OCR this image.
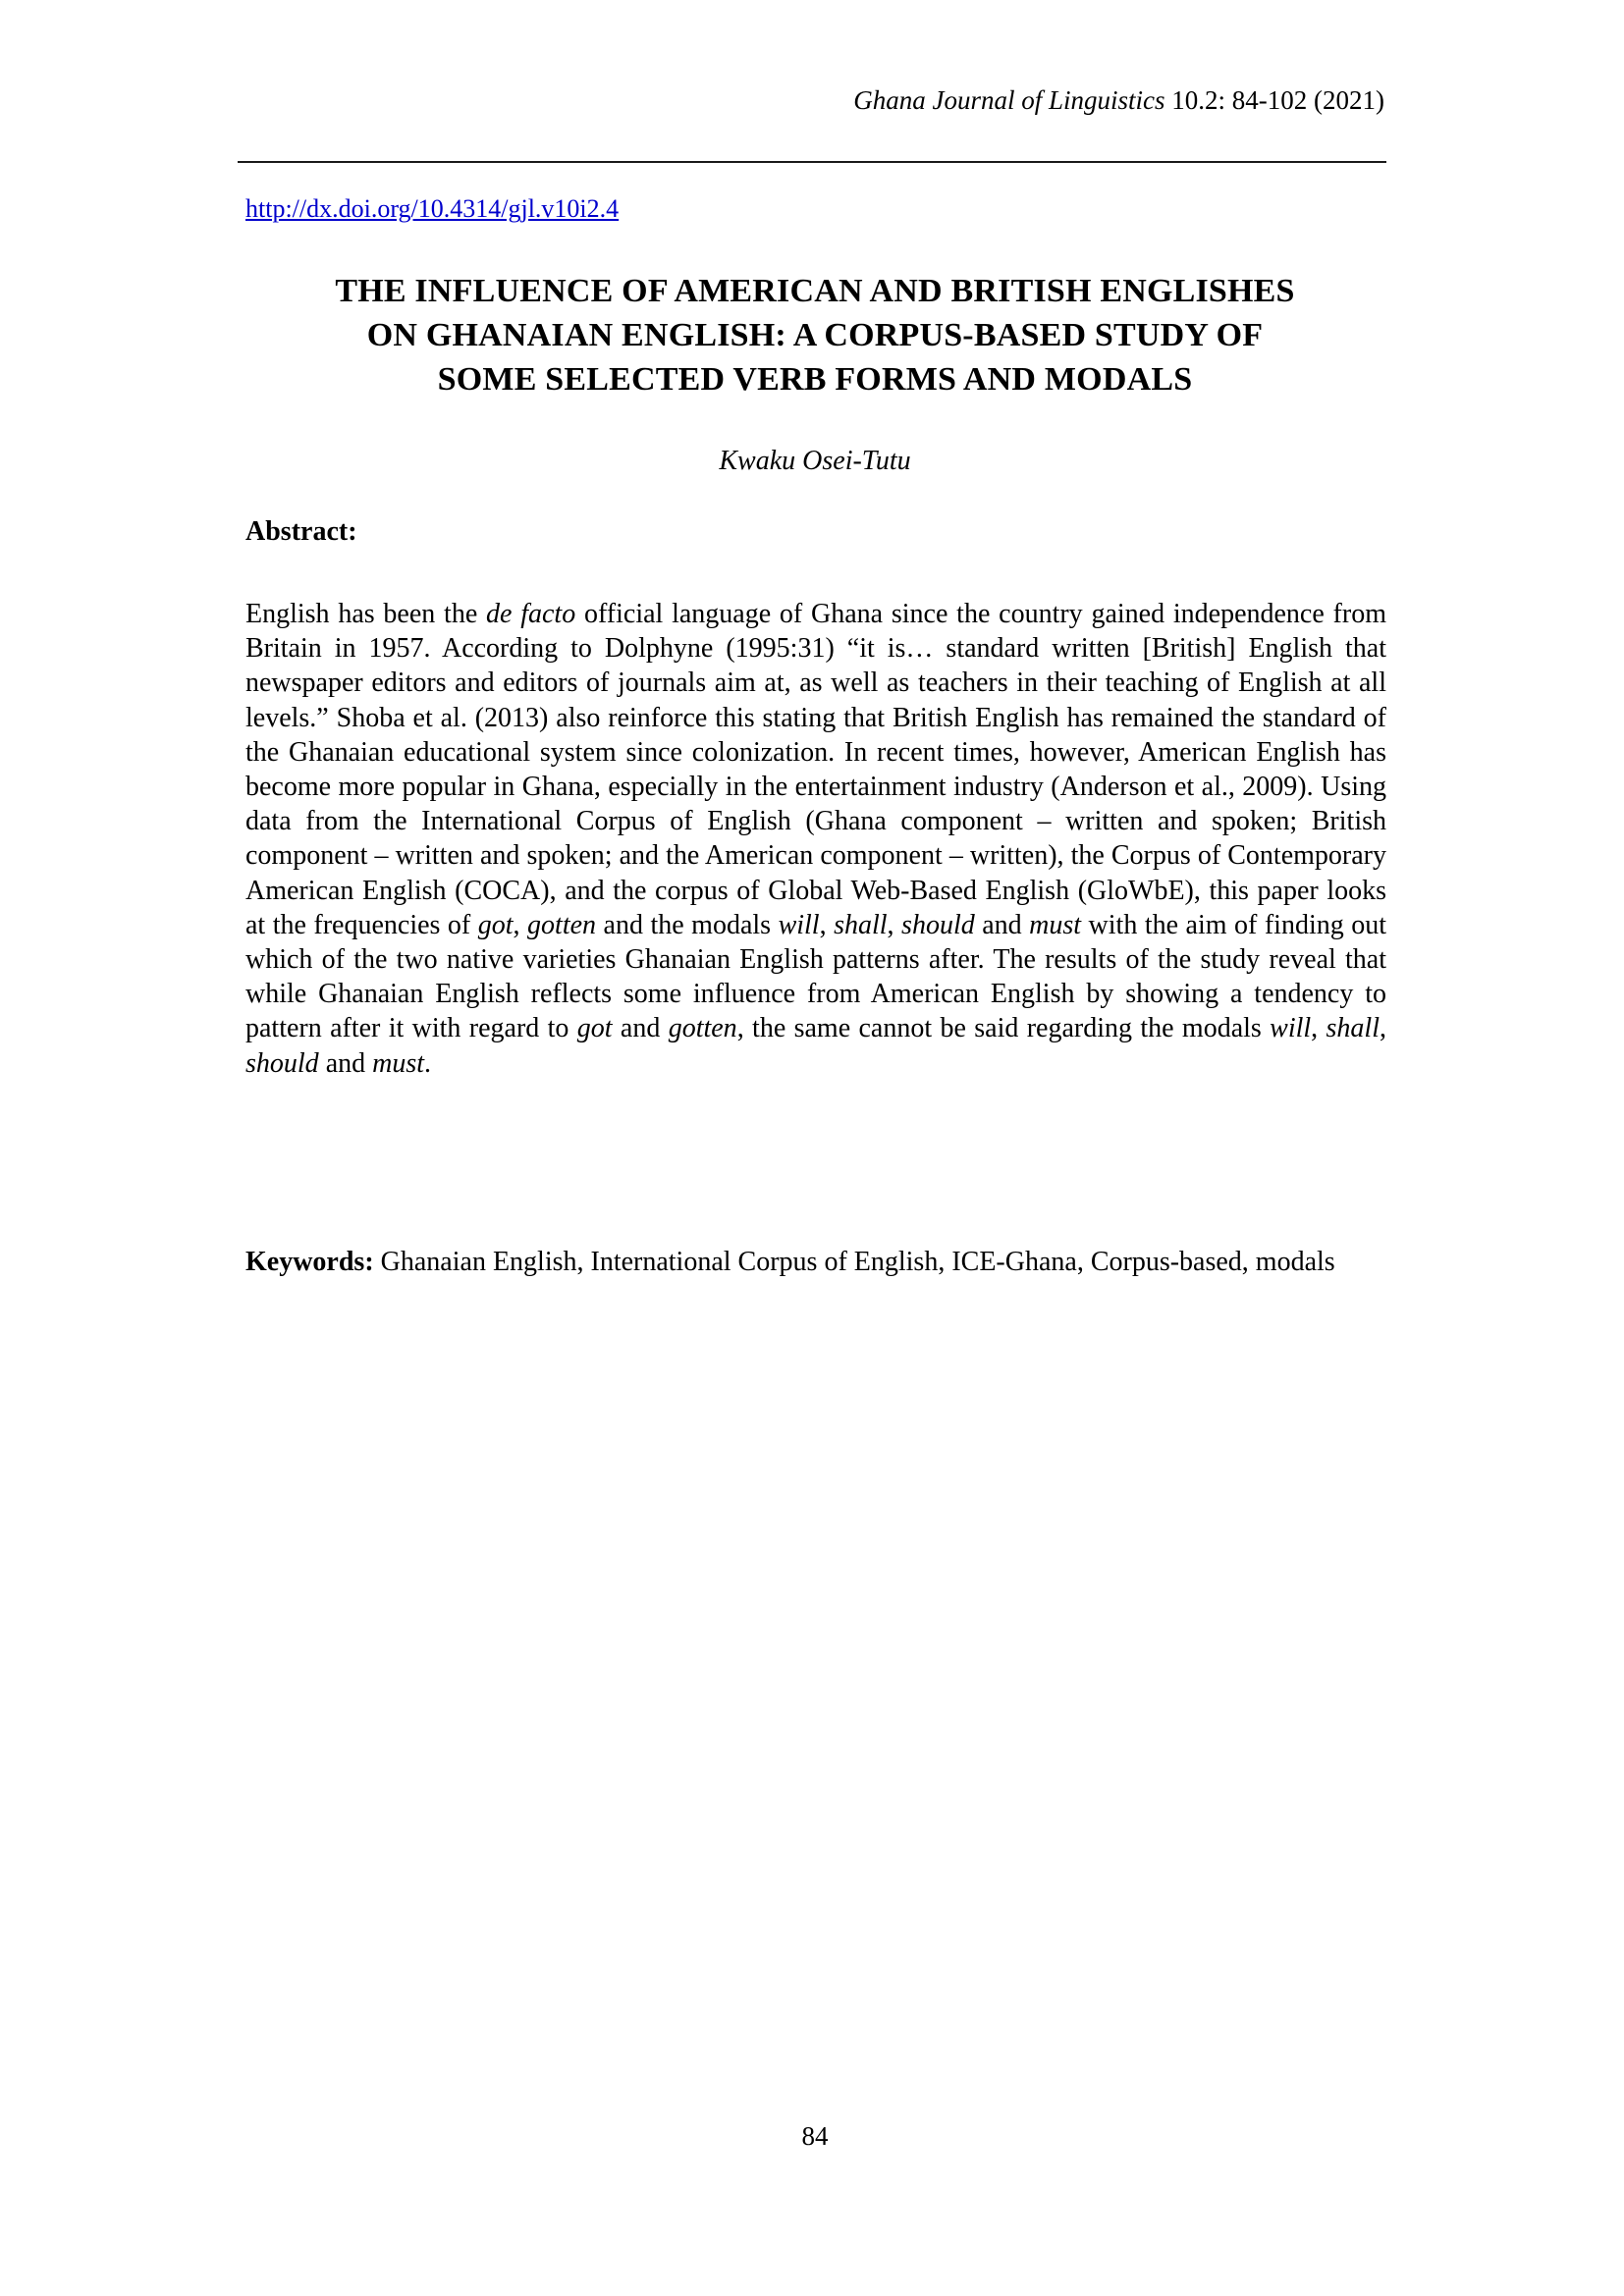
Ghana Journal of Linguistics 10.2: 84-102 (2021)
http://dx.doi.org/10.4314/gjl.v10i2.4
THE INFLUENCE OF AMERICAN AND BRITISH ENGLISHES
ON GHANAIAN ENGLISH: A CORPUS-BASED STUDY OF
SOME SELECTED VERB FORMS AND MODALS
Kwaku Osei-Tutu
Abstract:
English has been the de facto official language of Ghana since the country gained independence from Britain in 1957. According to Dolphyne (1995:31) “it is… standard written [British] English that newspaper editors and editors of journals aim at, as well as teachers in their teaching of English at all levels.” Shoba et al. (2013) also reinforce this stating that British English has remained the standard of the Ghanaian educational system since colonization. In recent times, however, American English has become more popular in Ghana, especially in the entertainment industry (Anderson et al., 2009). Using data from the International Corpus of English (Ghana component – written and spoken; British component – written and spoken; and the American component – written), the Corpus of Contemporary American English (COCA), and the corpus of Global Web-Based English (GloWbE), this paper looks at the frequencies of got, gotten and the modals will, shall, should and must with the aim of finding out which of the two native varieties Ghanaian English patterns after. The results of the study reveal that while Ghanaian English reflects some influence from American English by showing a tendency to pattern after it with regard to got and gotten, the same cannot be said regarding the modals will, shall, should and must.
Keywords: Ghanaian English, International Corpus of English, ICE-Ghana, Corpus-based, modals
84
